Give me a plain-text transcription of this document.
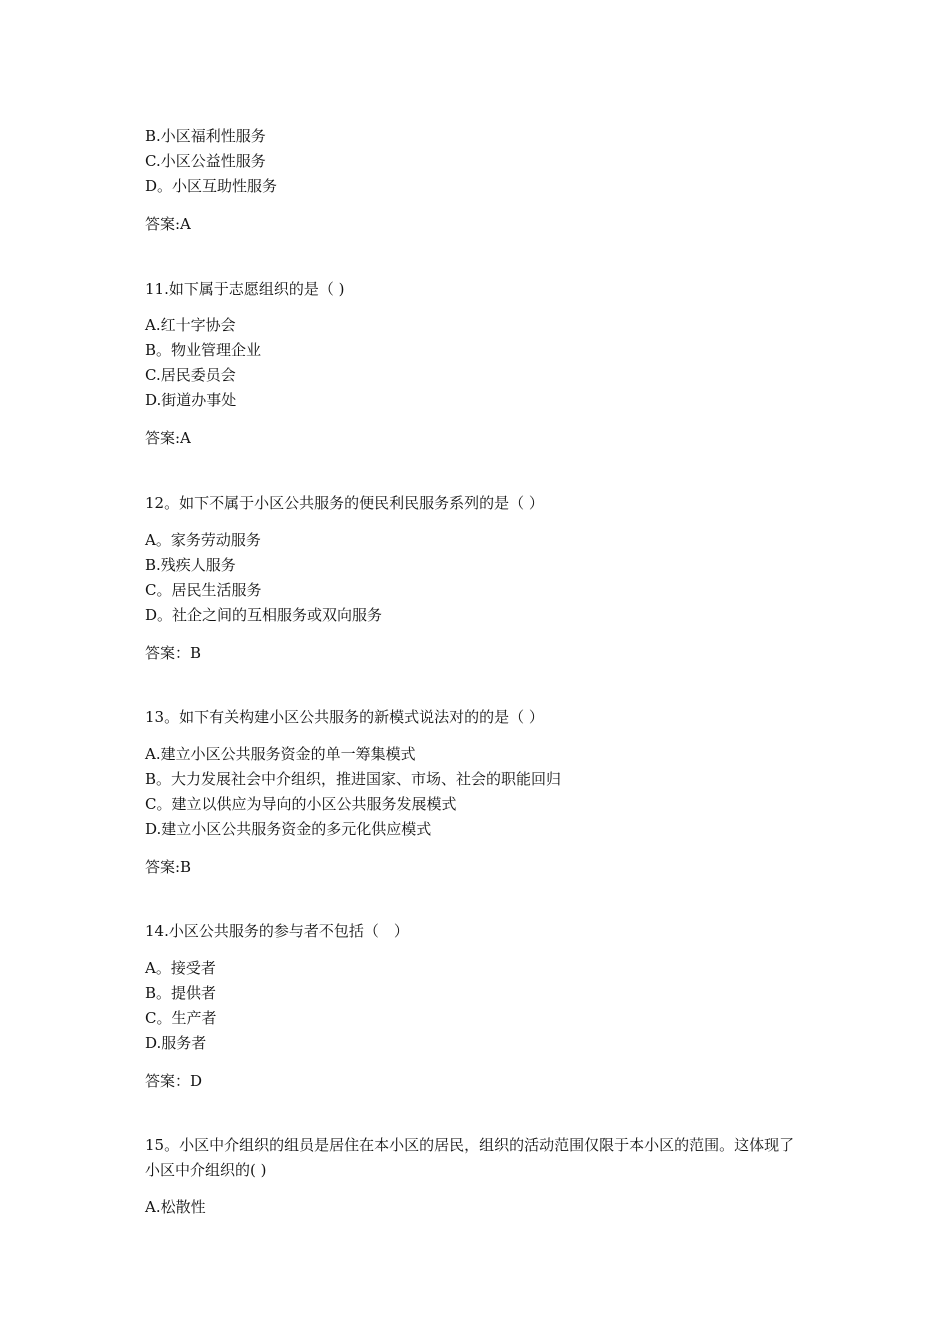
B.小区福利性服务
C.小区公益性服务
D。小区互助性服务
答案:A
11.如下属于志愿组织的是（ )
A.红十字协会
B。物业管理企业
C.居民委员会
D.街道办事处
答案:A
12。如下不属于小区公共服务的便民利民服务系列的是（ ）
A。家务劳动服务
B.残疾人服务
C。居民生活服务
D。社企之间的互相服务或双向服务
答案：B
13。如下有关构建小区公共服务的新模式说法对的的是（ ）
A.建立小区公共服务资金的单一筹集模式
B。大力发展社会中介组织，推进国家、市场、社会的职能回归
C。建立以供应为导向的小区公共服务发展模式
D.建立小区公共服务资金的多元化供应模式
答案:B
14.小区公共服务的参与者不包括（　）
A。接受者
B。提供者
C。生产者
D.服务者
答案：D
15。小区中介组织的组员是居住在本小区的居民，组织的活动范围仅限于本小区的范围。这体现了小区中介组织的( )
A.松散性
